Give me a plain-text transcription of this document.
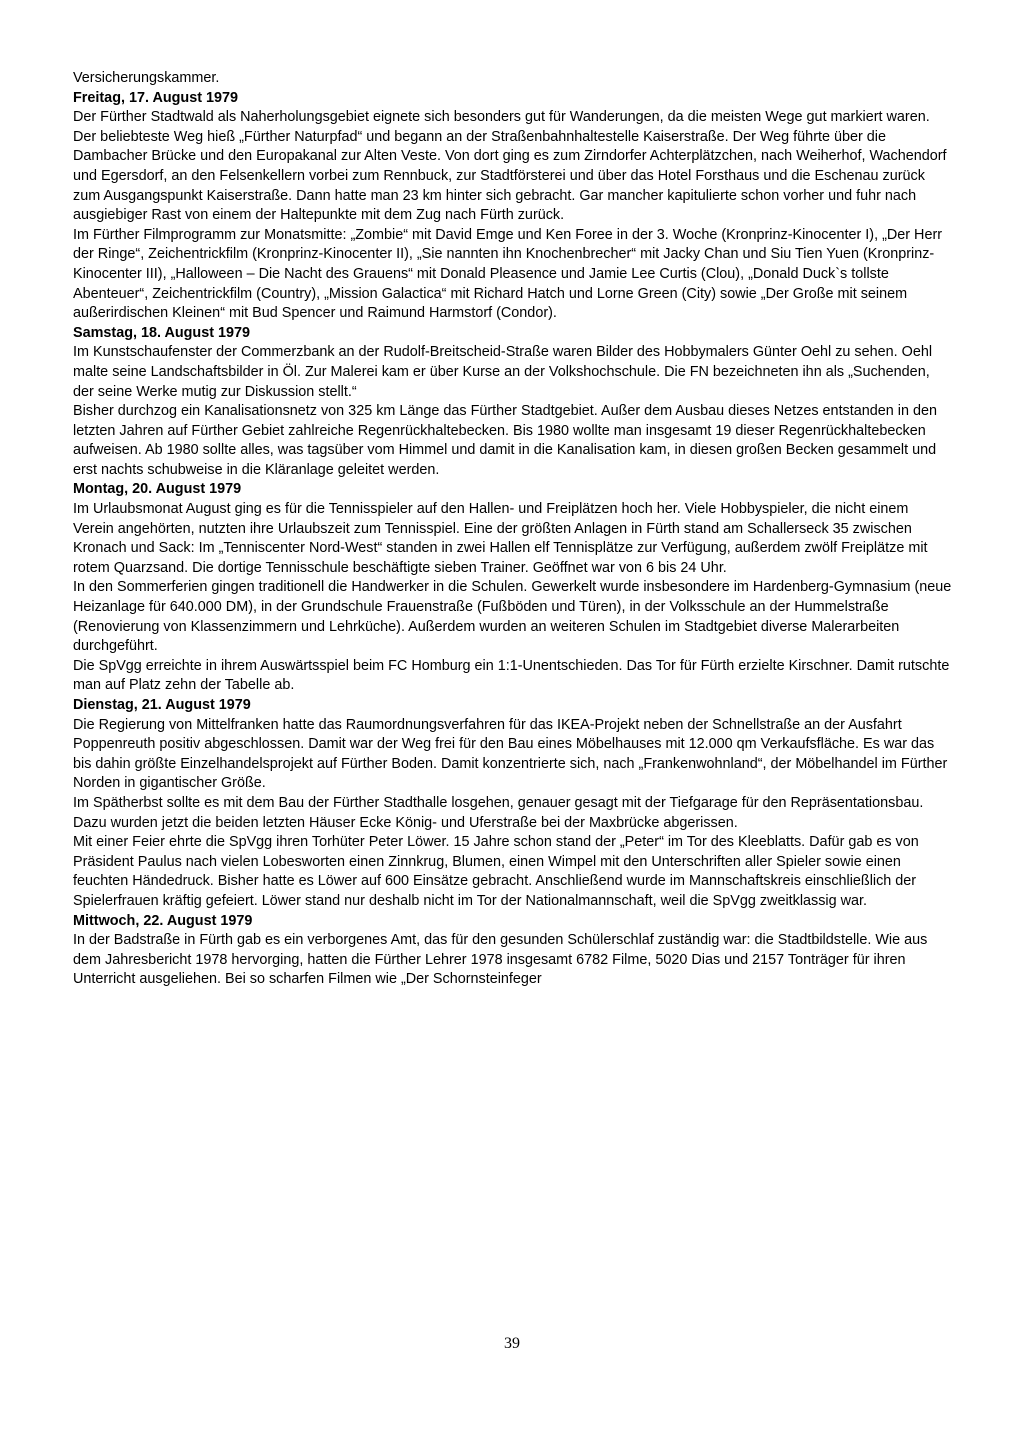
Versicherungskammer.

Freitag, 17. August 1979

Der Fürther Stadtwald als Naherholungsgebiet eignete sich besonders gut für Wanderungen, da die meisten Wege gut markiert waren. Der beliebteste Weg hieß „Fürther Naturpfad“ und begann an der Straßenbahnhaltestelle Kaiserstraße. Der Weg führte über die Dambacher Brücke und den Europakanal zur Alten Veste. Von dort ging es zum Zirndorfer Achterplätzchen, nach Weiherhof, Wachendorf und Egersdorf, an den Felsenkellern vorbei zum Rennbuck, zur Stadtförsterei und über das Hotel Forsthaus und die Eschenau zurück zum Ausgangspunkt Kaiserstraße. Dann hatte man 23 km hinter sich gebracht. Gar mancher kapitulierte schon vorher und fuhr nach ausgiebiger Rast von einem der Haltepunkte mit dem Zug nach Fürth zurück.

Im Fürther Filmprogramm zur Monatsmitte: „Zombie“ mit David Emge und Ken Foree in der 3. Woche (Kronprinz-Kinocenter I), „Der Herr der Ringe“, Zeichentrickfilm (Kronprinz-Kinocenter II), „Sie nannten ihn Knochenbrecher“ mit Jacky Chan und Siu Tien Yuen (Kronprinz-Kinocenter III), „Halloween – Die Nacht des Grauens“ mit Donald Pleasence und Jamie Lee Curtis (Clou), „Donald Duck`s tollste Abenteuer“, Zeichentrickfilm (Country), „Mission Galactica“ mit Richard Hatch und Lorne Green (City) sowie „Der Große mit seinem außerirdischen Kleinen“ mit Bud Spencer und Raimund Harmstorf (Condor).

Samstag, 18. August 1979

Im Kunstschaufenster der Commerzbank an der Rudolf-Breitscheid-Straße waren Bilder des Hobbymalers Günter Oehl zu sehen. Oehl malte seine Landschaftsbilder in Öl. Zur Malerei kam er über Kurse an der Volkshochschule. Die FN bezeichneten ihn als „Suchenden, der seine Werke mutig zur Diskussion stellt.“

Bisher durchzog ein Kanalisationsnetz von 325 km Länge das Fürther Stadtgebiet. Außer dem Ausbau dieses Netzes entstanden in den letzten Jahren auf Fürther Gebiet zahlreiche Regenrückhaltebecken. Bis 1980 wollte man insgesamt 19 dieser Regenrückhaltebecken aufweisen. Ab 1980 sollte alles, was tagsüber vom Himmel und damit in die Kanalisation kam, in diesen großen Becken gesammelt und erst nachts schubweise in die Kläranlage geleitet werden.

Montag, 20. August 1979

Im Urlaubsmonat August ging es für die Tennisspieler auf den Hallen- und Freiplätzen hoch her. Viele Hobbyspieler, die nicht einem Verein angehörten, nutzten ihre Urlaubszeit zum Tennisspiel. Eine der größten Anlagen in Fürth stand am Schallerseck 35 zwischen Kronach und Sack: Im „Tenniscenter Nord-West“ standen in zwei Hallen elf Tennisplätze zur Verfügung, außerdem zwölf Freiplätze mit rotem Quarzsand. Die dortige Tennisschule beschäftigte sieben Trainer. Geöffnet war von 6 bis 24 Uhr.

In den Sommerferien gingen traditionell die Handwerker in die Schulen. Gewerkelt wurde insbesondere im Hardenberg-Gymnasium (neue Heizanlage für 640.000 DM), in der Grundschule Frauenstraße (Fußböden und Türen), in der Volksschule an der Hummelstraße (Renovierung von Klassenzimmern und Lehrküche). Außerdem wurden an weiteren Schulen im Stadtgebiet diverse Malerarbeiten durchgeführt.

Die SpVgg erreichte in ihrem Auswärtsspiel beim FC Homburg ein 1:1-Unentschieden. Das Tor für Fürth erzielte Kirschner. Damit rutschte man auf Platz zehn der Tabelle ab.

Dienstag, 21. August 1979

Die Regierung von Mittelfranken hatte das Raumordnungsverfahren für das IKEA-Projekt neben der Schnellstraße an der Ausfahrt Poppenreuth positiv abgeschlossen. Damit war der Weg frei für den Bau eines Möbelhauses mit 12.000 qm Verkaufsfläche. Es war das bis dahin größte Einzelhandelsprojekt auf Fürther Boden. Damit konzentrierte sich, nach „Frankenwohnland“, der Möbelhandel im Fürther Norden in gigantischer Größe.

Im Spätherbst sollte es mit dem Bau der Fürther Stadthalle losgehen, genauer gesagt mit der Tiefgarage für den Repräsentationsbau. Dazu wurden jetzt die beiden letzten Häuser Ecke König- und Uferstraße bei der Maxbrücke abgerissen.

Mit einer Feier ehrte die SpVgg ihren Torhüter Peter Löwer. 15 Jahre schon stand der „Peter“ im Tor des Kleeblatts. Dafür gab es von Präsident Paulus nach vielen Lobesworten einen Zinnkrug, Blumen, einen Wimpel mit den Unterschriften aller Spieler sowie einen feuchten Händedruck. Bisher hatte es Löwer auf 600 Einsätze gebracht. Anschließend wurde im Mannschaftskreis einschließlich der Spielerfrauen kräftig gefeiert. Löwer stand nur deshalb nicht im Tor der Nationalmannschaft, weil die SpVgg zweitklassig war.

Mittwoch, 22. August 1979

In der Badstraße in Fürth gab es ein verborgenes Amt, das für den gesunden Schülerschlaf zuständig war: die Stadtbildstelle. Wie aus dem Jahresbericht 1978 hervorging, hatten die Fürther Lehrer 1978 insgesamt 6782 Filme, 5020 Dias und 2157 Tonträger für ihren Unterricht ausgeliehen. Bei so scharfen Filmen wie „Der Schornsteinfeger

39
